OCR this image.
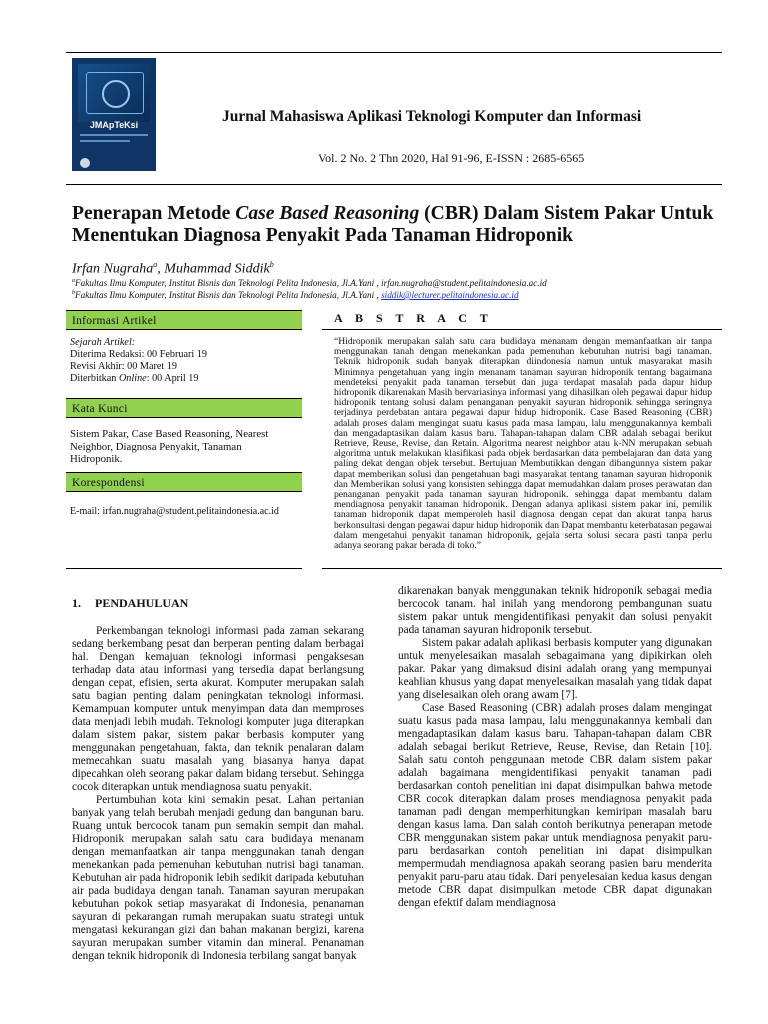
JMApTeKsi	Jurnal Mahasiswa Aplikasi Teknologi Komputer dan Informasi
Vol. 2 No. 2 Thn 2020, Hal 91-96, E-ISSN : 2685-6565
Penerapan Metode Case Based Reasoning (CBR) Dalam Sistem Pakar Untuk Menentukan Diagnosa Penyakit Pada Tanaman Hidroponik
Irfan Nugraha$^a$, Muhammad Siddik$^b$
$^a$Fakultas Ilmu Komputer, Institut Bisnis dan Teknologi Pelita Indonesia, Jl.A.Yani , irfan.nugraha@student.pelitaindonesia.ac.id
$^b$Fakultas Ilmu Komputer, Institut Bisnis dan Teknologi Pelita Indonesia, Jl.A.Yani , siddik@lecturer.pelitaindonesia.ac.id
Informasi Artikel
Sejarah Artikel:
Diterima Redaksi: 00 Februari 19
Revisi Akhir: 00 Maret 19
Diterbitkan Online: 00 April 19
Kata Kunci
Sistem Pakar, Case Based Reasoning, Nearest Neighbor, Diagnosa Penyakit, Tanaman Hidroponik.
Korespondensi
E-mail: irfan.nugraha@student.pelitaindonesia.ac.id
A B S T R A C T
“Hidroponik merupakan salah satu cara budidaya menanam dengan memanfaatkan air tanpa menggunakan tanah dengan menekankan pada pemenuhan kebutuhan nutrisi bagi tanaman. Teknik hidroponik sudah banyak diterapkan diindonesia namun untuk masyarakat masih Minimnya pengetahuan yang ingin menanam tanaman sayuran hidroponik tentang bagaimana mendeteksi penyakit pada tanaman tersebut dan juga terdapat masalah pada dapur hidup hidroponik dikarenakan Masih bervariasinya informasi yang dihasilkan oleh pegawai dapur hidup hidroponik tentang solusi dalam penanganan penyakit sayuran hidroponik sehingga seringnya terjadinya perdebatan antara pegawai dapur hidup hidroponik. Case Based Reasoning (CBR) adalah proses dalam mengingat suatu kasus pada masa lampau, lalu menggunakannya kembali dan mengadaptasikan dalam kasus baru. Tahapan-tahapan dalam CBR adalah sebagai berikut Retrieve, Reuse, Revise, dan Retain. Algoritma nearest neighbor atau k-NN merupakan sebuah algoritma untuk melakukan klasifikasi pada objek berdasarkan data pembelajaran dan data yang paling dekat dengan objek tersebut. Bertujuan Membutikkan dengan dibangunnya sistem pakar dapat memberikan solusi dan pengetahuan bagi masyarakat tentang tanaman sayuran hidroponik dan Memberikan solusi yang konsisten sehingga dapat memudahkan dalam proses perawatan dan penanganan penyakit pada tanaman sayuran hidroponik. sehingga dapat membantu dalam mendiagnosa penyakit tanaman hidroponik. Dengan adanya aplikasi sistem pakar ini, pemilik tanaman hidroponik dapat memperoleh hasil diagnosa dengan cepat dan akurat tanpa harus berkonsultasi dengan pegawai dapur hidup hidroponik dan Dapat membantu keterbatasan pegawai dalam mengetahui penyakit tanaman hidroponik, gejala serta solusi secara pasti tanpa perlu adanya seorang pakar berada di toko.”
1. PENDAHULUAN

Perkembangan teknologi informasi pada zaman sekarang sedang berkembang pesat dan berperan penting dalam berbagai hal. Dengan kemajuan teknologi informasi pengaksesan terhadap data atau informasi yang tersedia dapat berlangsung dengan cepat, efisien, serta akurat. Komputer merupakan salah satu bagian penting dalam peningkatan teknologi informasi. Kemampuan komputer untuk menyimpan data dan memproses data menjadi lebih mudah. Teknologi komputer juga diterapkan dalam sistem pakar, sistem pakar berbasis komputer yang menggunakan pengetahuan, fakta, dan teknik penalaran dalam memecahkan suatu masalah yang biasanya hanya dapat dipecahkan oleh seorang pakar dalam bidang tersebut. Sehingga cocok diterapkan untuk mendiagnosa suatu penyakit.

Pertumbuhan kota kini semakin pesat. Lahan pertanian banyak yang telah berubah menjadi gedung dan bangunan baru. Ruang untuk bercocok tanam pun semakin sempit dan mahal. Hidroponik merupakan salah satu cara budidaya menanam dengan memanfaatkan air tanpa menggunakan tanah dengan menekankan pada pemenuhan kebutuhan nutrisi bagi tanaman. Kebutuhan air pada hidroponik lebih sedikit daripada kebutuhan air pada budidaya dengan tanah. Tanaman sayuran merupakan kebutuhan pokok setiap masyarakat di Indonesia, penanaman sayuran di pekarangan rumah merupakan suatu strategi untuk mengatasi kekurangan gizi dan bahan makanan bergizi, karena sayuran merupakan sumber vitamin dan mineral. Penanaman dengan teknik hidroponik di Indonesia terbilang sangat banyak

dikarenakan banyak menggunakan teknik hidroponik sebagai media bercocok tanam. hal inilah yang mendorong pembangunan suatu sistem pakar untuk mengidentifikasi penyakit dan solusi penyakit pada tanaman sayuran hidroponik tersebut.

Sistem pakar adalah aplikasi berbasis komputer yang digunakan untuk menyelesaikan masalah sebagaimana yang dipikirkan oleh pakar. Pakar yang dimaksud disini adalah orang yang mempunyai keahlian khusus yang dapat menyelesaikan masalah yang tidak dapat yang diselesaikan oleh orang awam [7].

Case Based Reasoning (CBR) adalah proses dalam mengingat suatu kasus pada masa lampau, lalu menggunakannya kembali dan mengadaptasikan dalam kasus baru. Tahapan-tahapan dalam CBR adalah sebagai berikut Retrieve, Reuse, Revise, dan Retain [10]. Salah satu contoh penggunaan metode CBR dalam sistem pakar adalah bagaimana mengidentifikasi penyakit tanaman padi berdasarkan contoh penelitian ini dapat disimpulkan bahwa metode CBR cocok diterapkan dalam proses mendiagnosa penyakit pada tanaman padi dengan memperhitungkan kemiripan masalah baru dengan kasus lama. Dan salah contoh berikutnya penerapan metode CBR menggunakan sistem pakar untuk mendiagnosa penyakit paru-paru berdasarkan contoh penelitian ini dapat disimpulkan mempermudah mendiagnosa apakah seorang pasien baru menderita penyakit paru-paru atau tidak. Dari penyelesaian kedua kasus dengan metode CBR dapat disimpulkan metode CBR dapat digunakan dengan efektif dalam mendiagnosa
